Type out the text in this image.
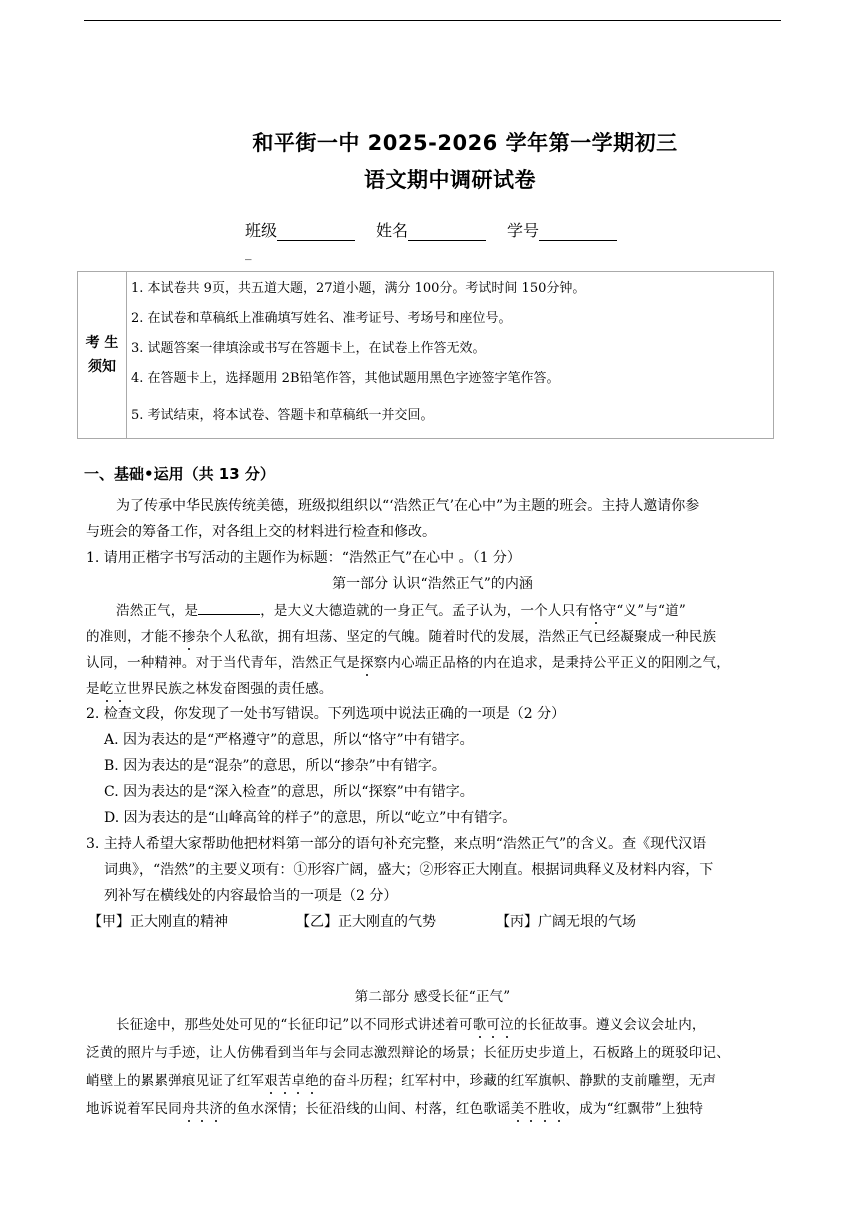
和平街一中 2025-2026 学年第一学期初三
语文期中调研试卷
班级	姓名	学号
_
考 生
须知

1. 本试卷共 9页，共五道大题，27道小题，满分 100分。考试时间 150分钟。
2. 在试卷和草稿纸上准确填写姓名、准考证号、考场号和座位号。
3. 试题答案一律填涂或书写在答题卡上，在试卷上作答无效。
4. 在答题卡上，选择题用 2B铅笔作答，其他试题用黑色字迹签字笔作答。
5. 考试结束，将本试卷、答题卡和草稿纸一并交回。
一、基础•运用（共 13 分）
为了传承中华民族传统美德，班级拟组织以“‘浩然正气’在心中”为主题的班会。主持人邀请你参
与班会的筹备工作，对各组上交的材料进行检查和修改。
1. 请用正楷字书写活动的主题作为标题：“浩然正气”在心中 。（1 分）
第一部分 认识“浩然正气”的内涵
浩然正气，是	，是大义大德造就的一身正气。孟子认为，一个人只有恪守“义”与“道”
的准则，才能不掺杂个人私欲，拥有坦荡、坚定的气魄。随着时代的发展，浩然正气已经凝聚成一种民族
认同，一种精神。对于当代青年，浩然正气是探察内心端正品格的内在追求，是秉持公平正义的阳刚之气，
是屹立世界民族之林发奋图强的责任感。
2. 检查文段，你发现了一处书写错误。下列选项中说法正确的一项是（2 分）
A. 因为表达的是“严格遵守”的意思，所以“恪守”中有错字。
B. 因为表达的是“混杂”的意思，所以“掺杂”中有错字。
C. 因为表达的是“深入检查”的意思，所以“探察”中有错字。
D. 因为表达的是“山峰高耸的样子”的意思，所以“屹立”中有错字。
3. 主持人希望大家帮助他把材料第一部分的语句补充完整，来点明“浩然正气”的含义。查《现代汉语
词典》，“浩然”的主要义项有：①形容广阔，盛大；②形容正大刚直。根据词典释义及材料内容，下
列补写在横线处的内容最恰当的一项是（2 分）
【甲】正大刚直的精神	【乙】正大刚直的气势	【丙】广阔无垠的气场
第二部分 感受长征“正气”
长征途中，那些处处可见的“长征印记”以不同形式讲述着可歌可泣的长征故事。遵义会议会址内，
泛黄的照片与手迹，让人仿佛看到当年与会同志激烈辩论的场景；长征历史步道上，石板路上的斑驳印记、
峭壁上的累累弹痕见证了红军艰苦卓绝的奋斗历程；红军村中，珍藏的红军旗帜、静默的支前雕塑，无声
地诉说着军民同舟共济的鱼水深情；长征沿线的山间、村落，红色歌谣美不胜收，成为“红飘带”上独特
